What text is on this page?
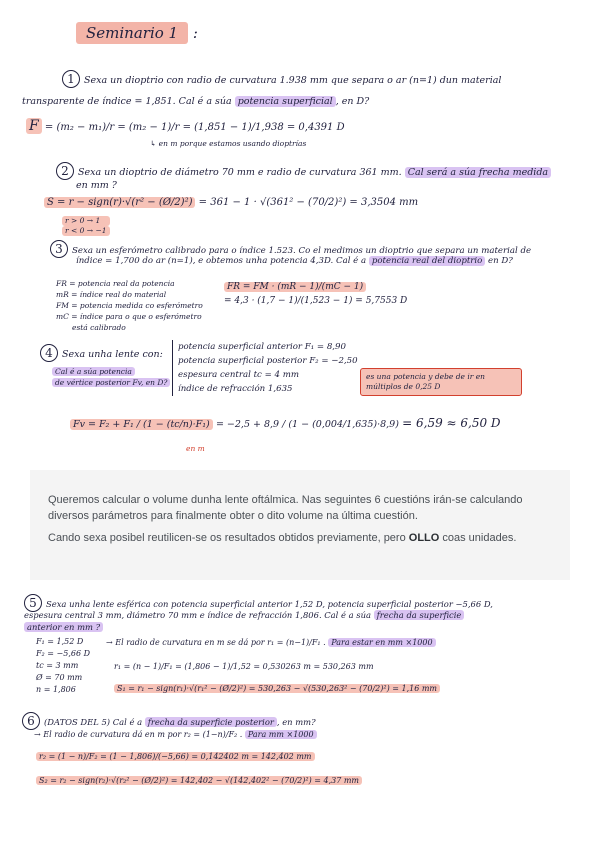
Seminario 1 :
1 Sexa un dioptrio con radio de curvatura 1.938 mm que separa o ar (n=1) dun material
transparente de índice = 1,851. Cal é a súa potencia superficial , en D?
F = (m₂ − m₁)/r = (m₂ − 1)/r = (1,851 − 1)/1,938 = 0,4391 D
↳ en m porque estamos usando dioptrías
2 Sexa un dioptrio de diámetro 70 mm e radio de curvatura 361 mm. Cal será a súa frecha medida
en mm ?
S = r − sign(r)·√(r² − (Ø/2)²) = 361 − 1 · √(361² − (70/2)²) = 3,3504 mm
r > 0 → 1
r < 0 → −1
3 Sexa un esferómetro calibrado para o índice 1.523. Co el medimos un dioptrio que separa un material de
índice = 1,700 do ar (n=1), e obtemos unha potencia 4,3D. Cal é a potencia real del dioptrio en D?
FR = potencia real da potencia
mR = índice real do material
FM = potencia medida co esferómetro
mC = índice para o que o esferómetro
está calibrado
FR = FM · (mR − 1)/(mC − 1)
= 4,3 · (1,7 − 1)/(1,523 − 1) = 5,7553 D
4 Sexa unha lente con:
Cal é a súa potencia
de vértice posterior Fv, en D?
potencia superficial anterior F₁ = 8,90
potencia superficial posterior F₂ = −2,50
espesura central tc = 4 mm
índice de refracción 1,635
es una potencia y debe de ir en múltiplos de 0,25 D
Fv = F₂ + F₁ / (1 − (tc/n)·F₁) = −2,5 + 8,9 / (1 − (0,004/1,635)·8,9) = 6,59 ≈ 6,50 D
en m

Queremos calcular o volume dunha lente oftálmica. Nas seguintes 6 cuestións irán-se calculando diversos parámetros para finalmente obter o dito volume na última cuestión.

Cando sexa posibel reutilicen-se os resultados obtidos previamente, pero OLLO coas unidades.

5 Sexa unha lente esférica con potencia superficial anterior 1,52 D, potencia superficial posterior −5,66 D,
espesura central 3 mm, diámetro 70 mm e índice de refracción 1,806. Cal é a súa frecha da superficie
anterior en mm ?
F₁ = 1,52 D
F₂ = −5,66 D
tc = 3 mm
Ø = 70 mm
n = 1,806
→ El radio de curvatura en m se dá por r₁ = (n−1)/F₁ . Para estar en mm ×1000
r₁ = (n − 1)/F₁ = (1,806 − 1)/1,52 = 0,530263 m = 530,263 mm
S₁ = r₁ − sign(r₁)·√(r₁² − (Ø/2)²) = 530,263 − √(530,263² − (70/2)²) = 1,16 mm
6 (DATOS DEL 5) Cal é a frecha da superficie posterior , en mm?
→ El radio de curvatura dá en m por r₂ = (1−n)/F₂ . Para mm ×1000
r₂ = (1 − n)/F₂ = (1 − 1,806)/(−5,66) = 0,142402 m = 142,402 mm
S₂ = r₂ − sign(r₂)·√(r₂² − (Ø/2)²) = 142,402 − √(142,402² − (70/2)²) = 4,37 mm
